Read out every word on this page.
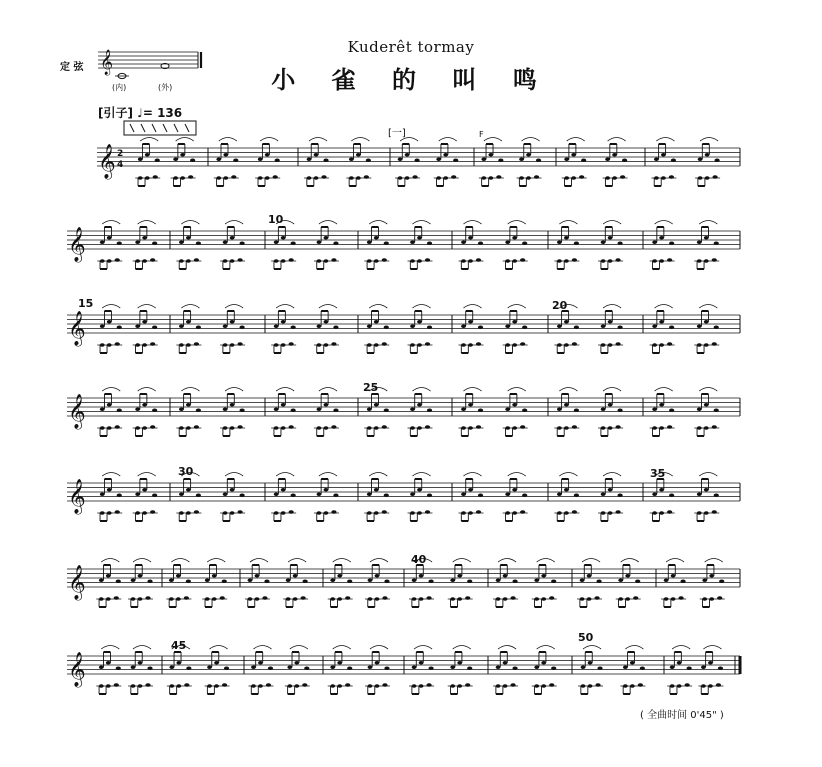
Kuderêt tormay
小 雀 的 叫 鸣
定 弦
(内)	(外)
[引子] ♩= 136
[一]	F
10
15	20
25
30	35
40
45
50
( 全曲时间 0'45" )
𝄞
𝄞 2
4
𝄞
𝄞
𝄞
𝄞
𝄞
𝄞
